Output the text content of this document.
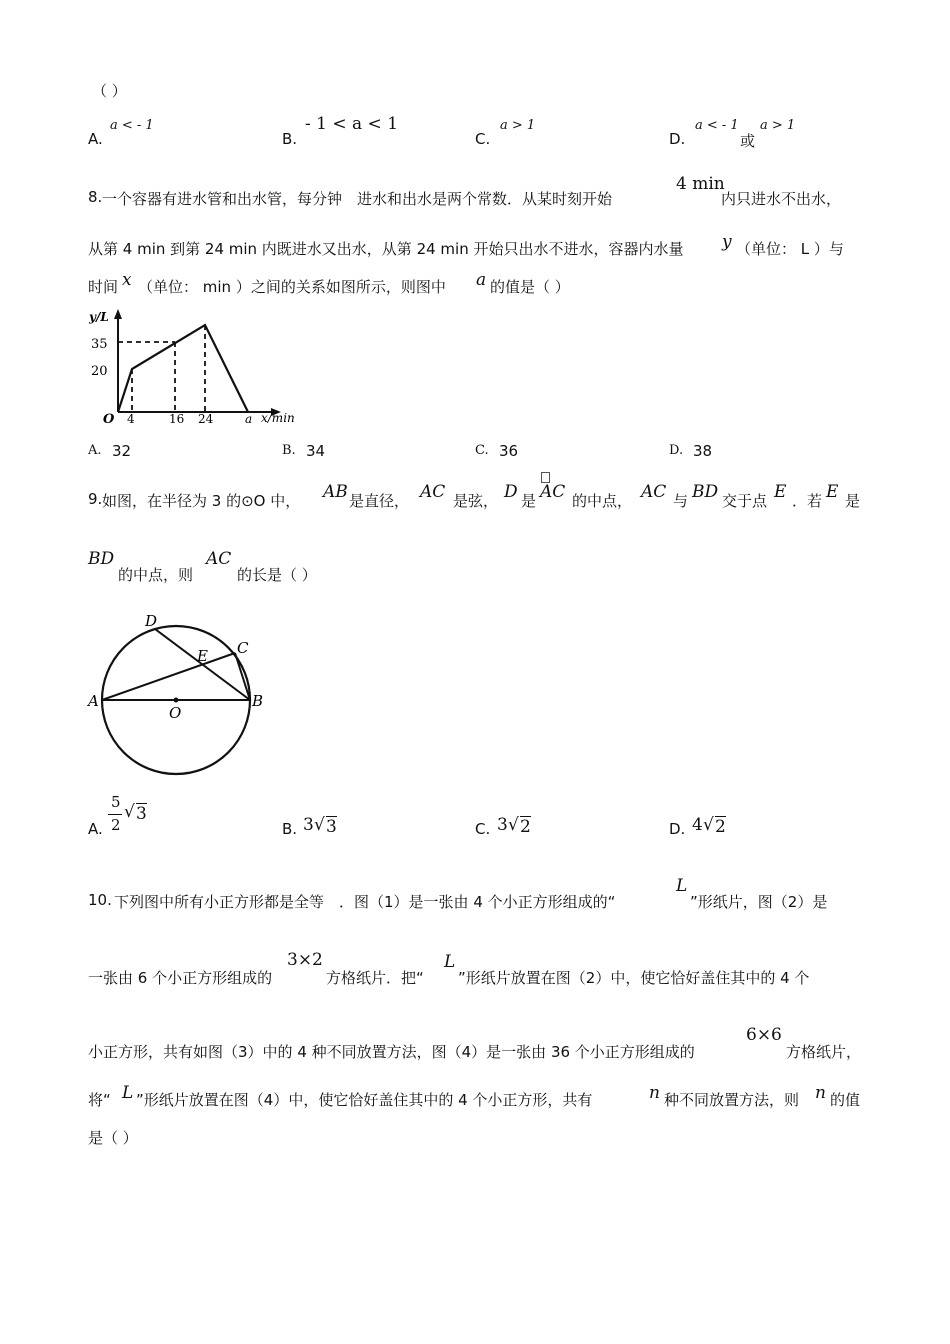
（ ）
A.
a < - 1
B.
- 1 < a < 1
C.
a > 1
D.
a < - 1
或
a > 1
8. 一个容器有进水管和出水管，每分钟　进水和出水是两个常数．从某时刻开始
4 min
内只进水不出水，
从第 4 min 到第 24 min 内既进水又出水，从第 24 min 开始只出水不进水，容器内水量 y （单位： L ）与
时间 x （单位： min ）之间的关系如图所示，则图中 a 的值是（ ）
y/L
x/min
O
35
20
4	16 24	a
A. 32	B. 34	C. 36	D. 38
9. 如图，在半径为 3 的⊙O 中， AB 是直径， AC 是弦， D 是 AC 的中点， AC 与 BD 交于点 E ．若 E 是
BD
的中点，则
AC
的长是（ ）
A	B
C
D
E
O
A.
5
2
√ 3
B. 3 √ 3	C. 3 √ 2	D. 4 √ 2
10. 下列图中所有小正方形都是全等　．图（1）是一张由 4 个小正方形组成的“
L
”形纸片，图（2）是
一张由 6 个小正方形组成的
3×2
方格纸片．把“
L
”形纸片放置在图（2）中，使它恰好盖住其中的 4 个
小正方形，共有如图（3）中的 4 种不同放置方法，图（4）是一张由 36 个小正方形组成的
6×6
方格纸片，
将“ L ”形纸片放置在图（4）中，使它恰好盖住其中的 4 个小正方形，共有	n 种不同放置方法，则 n 的值
是（ ）
